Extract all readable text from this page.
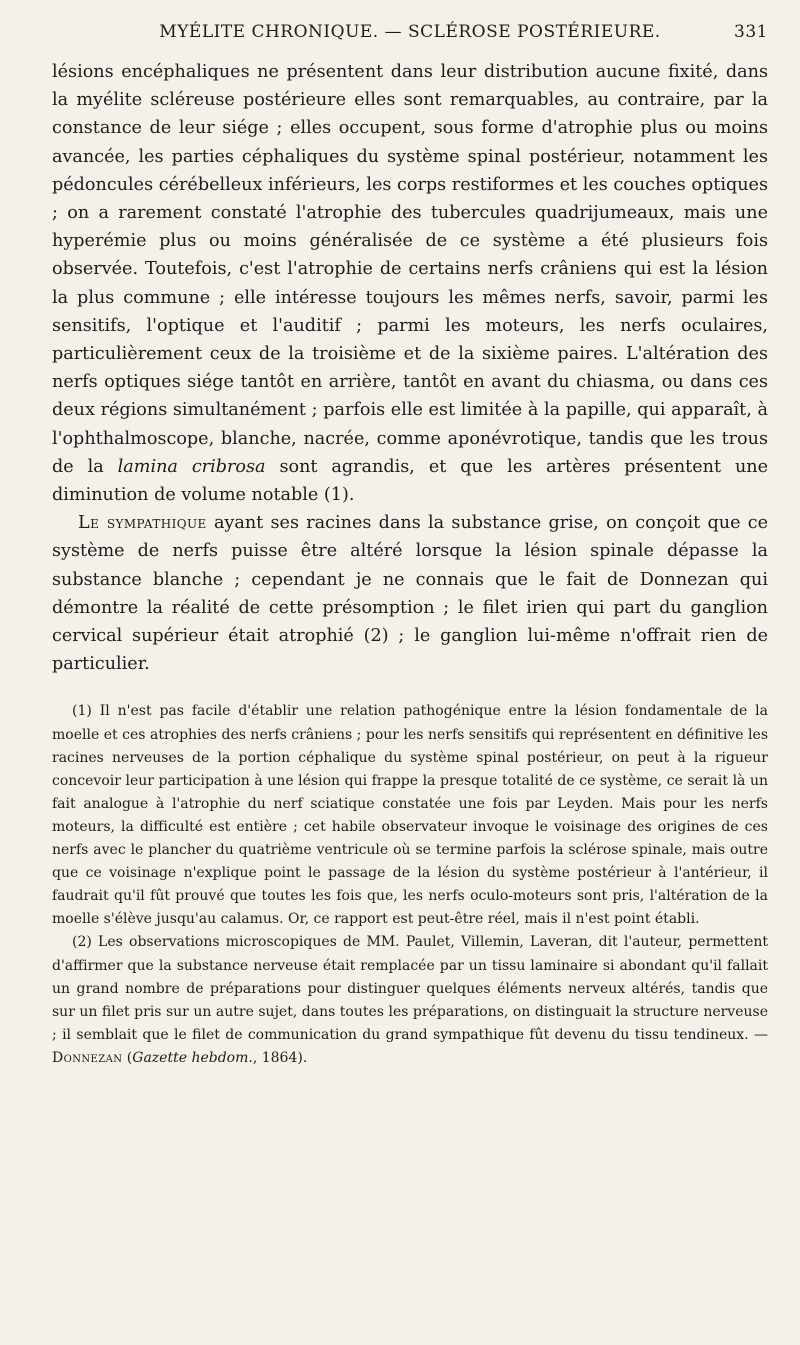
MYÉLITE CHRONIQUE. — SCLÉROSE POSTÉRIEURE.	331

lésions encéphaliques ne présentent dans leur distribution aucune fixité, dans la myélite scléreuse postérieure elles sont remarquables, au contraire, par la constance de leur siége ; elles occupent, sous forme d'atrophie plus ou moins avancée, les parties céphaliques du système spinal postérieur, notamment les pédoncules cérébelleux inférieurs, les corps restiformes et les couches optiques ; on a rarement constaté l'atrophie des tubercules quadrijumeaux, mais une hyperémie plus ou moins généralisée de ce système a été plusieurs fois observée. Toutefois, c'est l'atrophie de certains nerfs crâniens qui est la lésion la plus commune ; elle intéresse toujours les mêmes nerfs, savoir, parmi les sensitifs, l'optique et l'auditif ; parmi les moteurs, les nerfs oculaires, particulièrement ceux de la troisième et de la sixième paires. L'altération des nerfs optiques siége tantôt en arrière, tantôt en avant du chiasma, ou dans ces deux régions simultanément ; parfois elle est limitée à la papille, qui apparaît, à l'ophthalmoscope, blanche, nacrée, comme aponévrotique, tandis que les trous de la lamina cribrosa sont agrandis, et que les artères présentent une diminution de volume notable (1).

Le sympathique ayant ses racines dans la substance grise, on conçoit que ce système de nerfs puisse être altéré lorsque la lésion spinale dépasse la substance blanche ; cependant je ne connais que le fait de Donnezan qui démontre la réalité de cette présomption ; le filet irien qui part du ganglion cervical supérieur était atrophié (2) ; le ganglion lui-même n'offrait rien de particulier.

(1) Il n'est pas facile d'établir une relation pathogénique entre la lésion fondamentale de la moelle et ces atrophies des nerfs crâniens ; pour les nerfs sensitifs qui représentent en définitive les racines nerveuses de la portion céphalique du système spinal postérieur, on peut à la rigueur concevoir leur participation à une lésion qui frappe la presque totalité de ce système, ce serait là un fait analogue à l'atrophie du nerf sciatique constatée une fois par Leyden. Mais pour les nerfs moteurs, la difficulté est entière ; cet habile observateur invoque le voisinage des origines de ces nerfs avec le plancher du quatrième ventricule où se termine parfois la sclérose spinale, mais outre que ce voisinage n'explique point le passage de la lésion du système postérieur à l'antérieur, il faudrait qu'il fût prouvé que toutes les fois que, les nerfs oculo-moteurs sont pris, l'altération de la moelle s'élève jusqu'au calamus. Or, ce rapport est peut-être réel, mais il n'est point établi.

(2) Les observations microscopiques de MM. Paulet, Villemin, Laveran, dit l'auteur, permettent d'affirmer que la substance nerveuse était remplacée par un tissu laminaire si abondant qu'il fallait un grand nombre de préparations pour distinguer quelques éléments nerveux altérés, tandis que sur un filet pris sur un autre sujet, dans toutes les préparations, on distinguait la structure nerveuse ; il semblait que le filet de communication du grand sympathique fût devenu du tissu tendineux. — Donnezan (Gazette hebdom., 1864).
